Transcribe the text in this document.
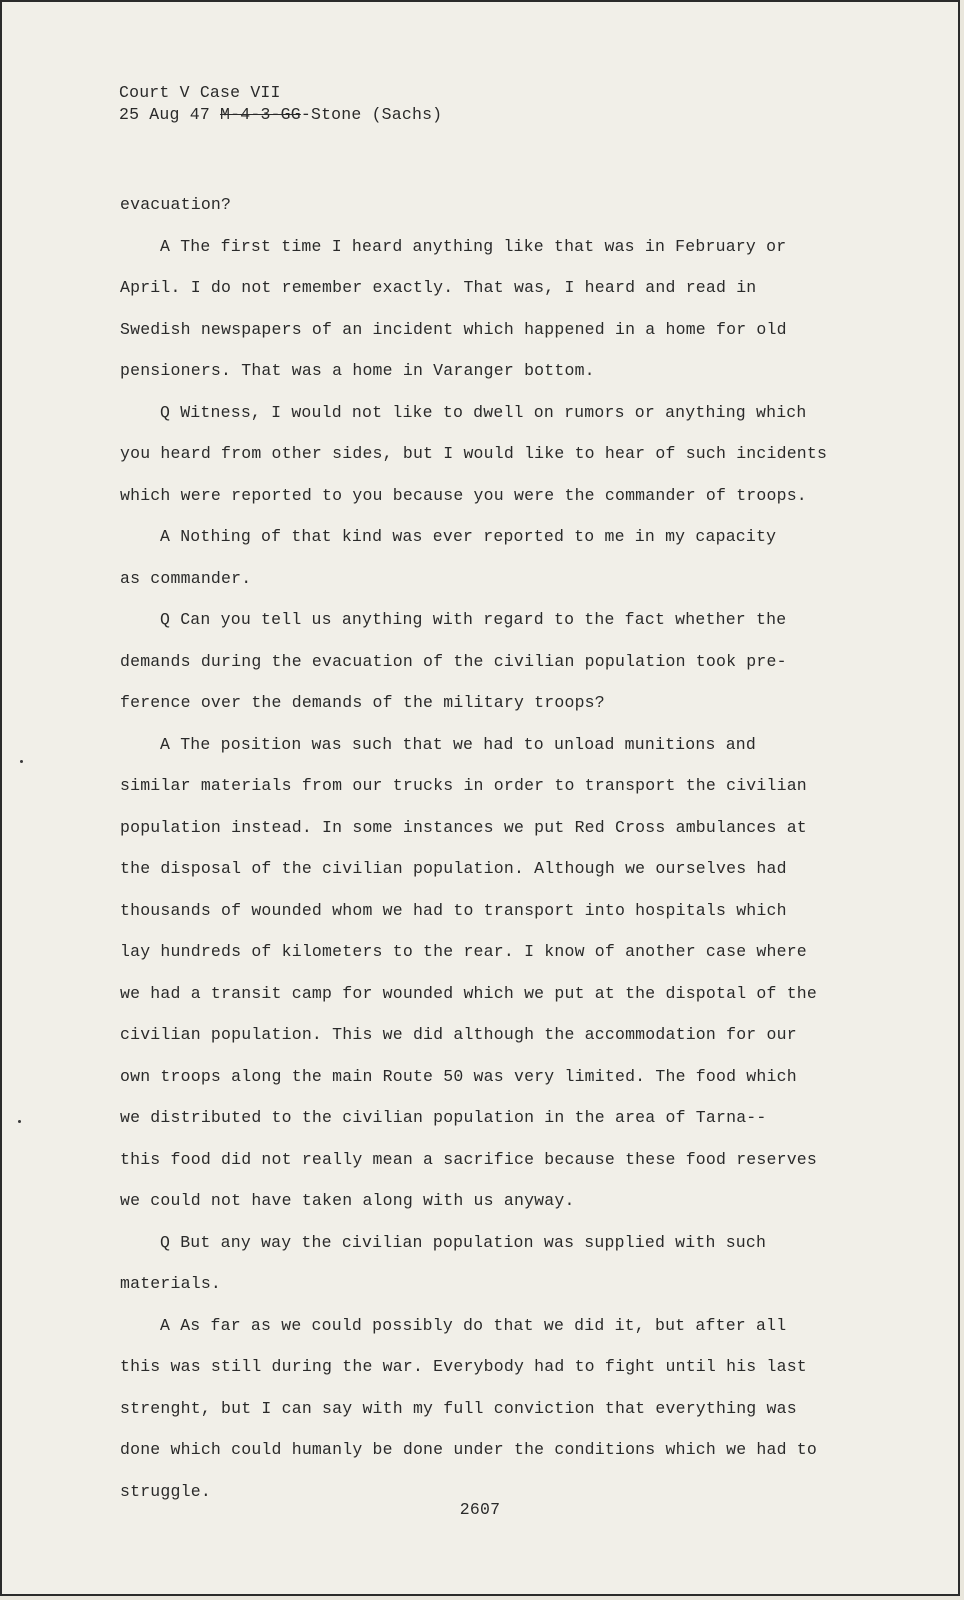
Court V Case VII
25 Aug 47 M-4-3-GG-Stone (Sachs)
evacuation?
A The first time I heard anything like that was in February or
April. I do not remember exactly. That was, I heard and read in
Swedish newspapers of an incident which happened in a home for old
pensioners. That was a home in Varanger bottom.
Q Witness, I would not like to dwell on rumors or anything which
you heard from other sides, but I would like to hear of such incidents
which were reported to you because you were the commander of troops.
A Nothing of that kind was ever reported to me in my capacity
as commander.
Q Can you tell us anything with regard to the fact whether the
demands during the evacuation of the civilian population took pre-
ference over the demands of the military troops?
A The position was such that we had to unload munitions and
similar materials from our trucks in order to transport the civilian
population instead. In some instances we put Red Cross ambulances at
the disposal of the civilian population. Although we ourselves had
thousands of wounded whom we had to transport into hospitals which
lay hundreds of kilometers to the rear. I know of another case where
we had a transit camp for wounded which we put at the dispotal of the
civilian population. This we did although the accommodation for our
own troops along the main Route 50 was very limited. The food which
we distributed to the civilian population in the area of Tarna--
this food did not really mean a sacrifice because these food reserves
we could not have taken along with us anyway.
Q But any way the civilian population was supplied with such
materials.
A As far as we could possibly do that we did it, but after all
this was still during the war. Everybody had to fight until his last
strenght, but I can say with my full conviction that everything was
done which could humanly be done under the conditions which we had to
struggle.
2607
